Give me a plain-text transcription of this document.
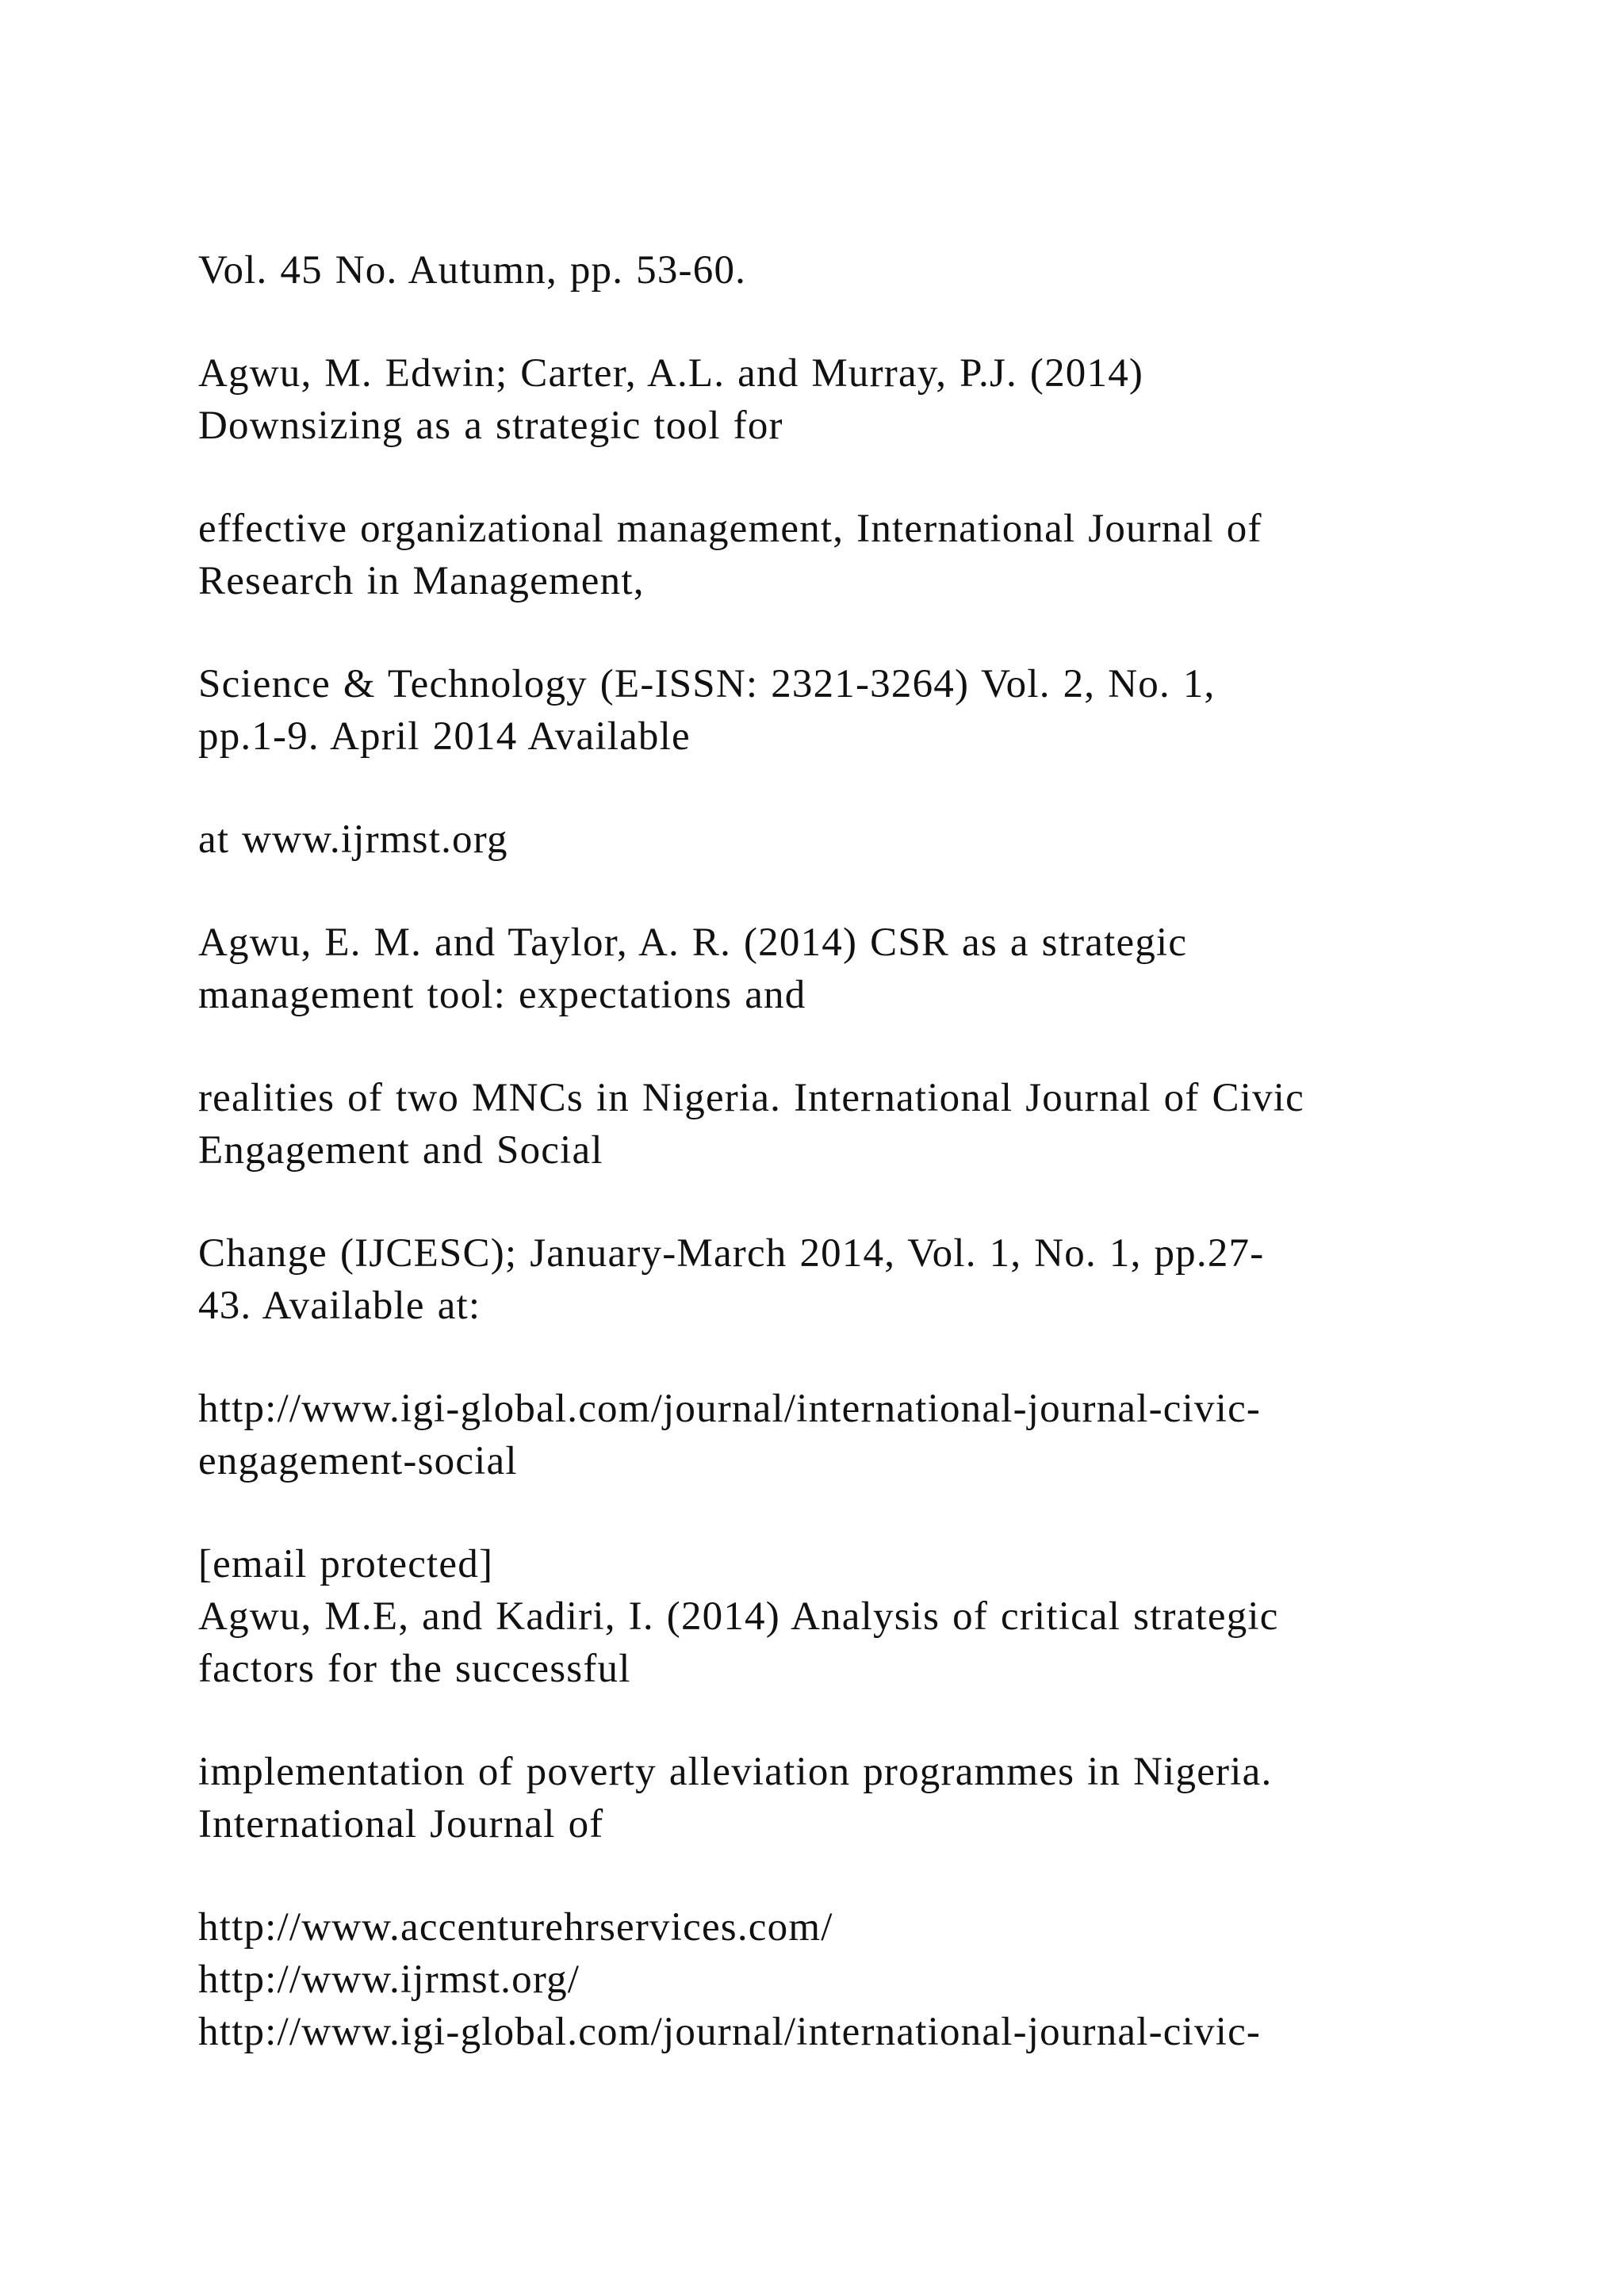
Vol. 45 No. Autumn, pp. 53-60.
Agwu, M. Edwin; Carter, A.L. and Murray, P.J. (2014)
Downsizing as a strategic tool for
effective organizational management, International Journal of
Research in Management,
Science & Technology (E-ISSN: 2321-3264) Vol. 2, No. 1,
pp.1-9. April 2014 Available
at www.ijrmst.org
Agwu, E. M. and Taylor, A. R. (2014) CSR as a strategic
management tool: expectations and
realities of two MNCs in Nigeria. International Journal of Civic
Engagement and Social
Change (IJCESC); January-March 2014, Vol. 1, No. 1, pp.27-
43. Available at:
http://www.igi-global.com/journal/international-journal-civic-
engagement-social
[email protected]
Agwu, M.E, and Kadiri, I. (2014) Analysis of critical strategic
factors for the successful
implementation of poverty alleviation programmes in Nigeria.
International Journal of
http://www.accenturehrservices.com/
http://www.ijrmst.org/
http://www.igi-global.com/journal/international-journal-civic-
